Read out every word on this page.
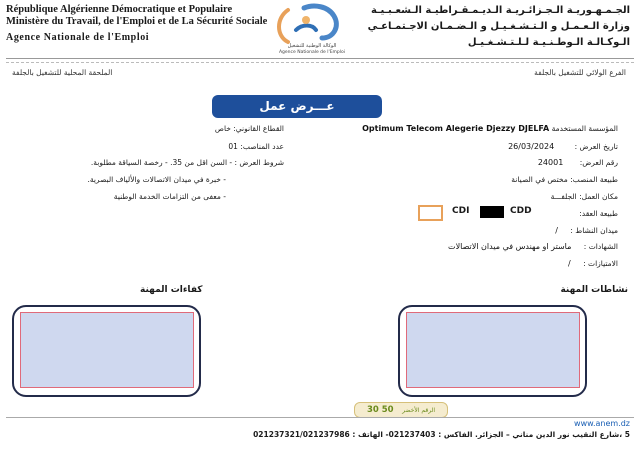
République Algérienne Démocratique et Populaire
Ministère du Travail, de l'Emploi et de La Sécurité Sociale
Agence Nationale de l'Emploi
الوكالة الوطنية للتشغيل
Agence Nationale de l'Emploi
الجـمـهـوريـة الـجـزائـريـة الـديـمـقـراطيـة الـشعـبـيـة
وزارة الـعـمـل و الـتـشـغـيـل و الـضـمـان الاجـتمـاعـي
الـوكـالـة الـوطـنـيـة لـلـتـشـغـيـل
الفرع الولائي للتشغيل بالجلفة
الملحقة المحلية للتشغيل بالجلفة
عـــرض عمل
المؤسسة المستخدمة Optimum Telecom Alegerie Djezzy DJELFA
تاريخ العرض : 26/03/2024
رقم العرض: 24001
طبيعة المنصب: مختص في الصيانة
مكان العمل: الجلفـــة
طبيعة العقد:
CDD
CDI
ميدان النشاط : /
الشهادات : ماستر او مهندس في ميدان الاتصالات
الامتيازات : /
القطاع القانوني: خاص
عدد المناصب: 01
شروط العرض : - السن اقل من 35. - رخصة السياقة مطلوبة.
- خبرة في ميدان الاتصالات والألياف البصرية.
- معفى من التزامات الخدمة الوطنية
نشاطات المهنة
كفاءات المهنة
30 50 الرقم الأخضر
www.anem.dz
5 ،شارع النقيب نور الدين مناني – الجزائر. الفاكس : 021237403- الهاتف : 021237321/021237986
